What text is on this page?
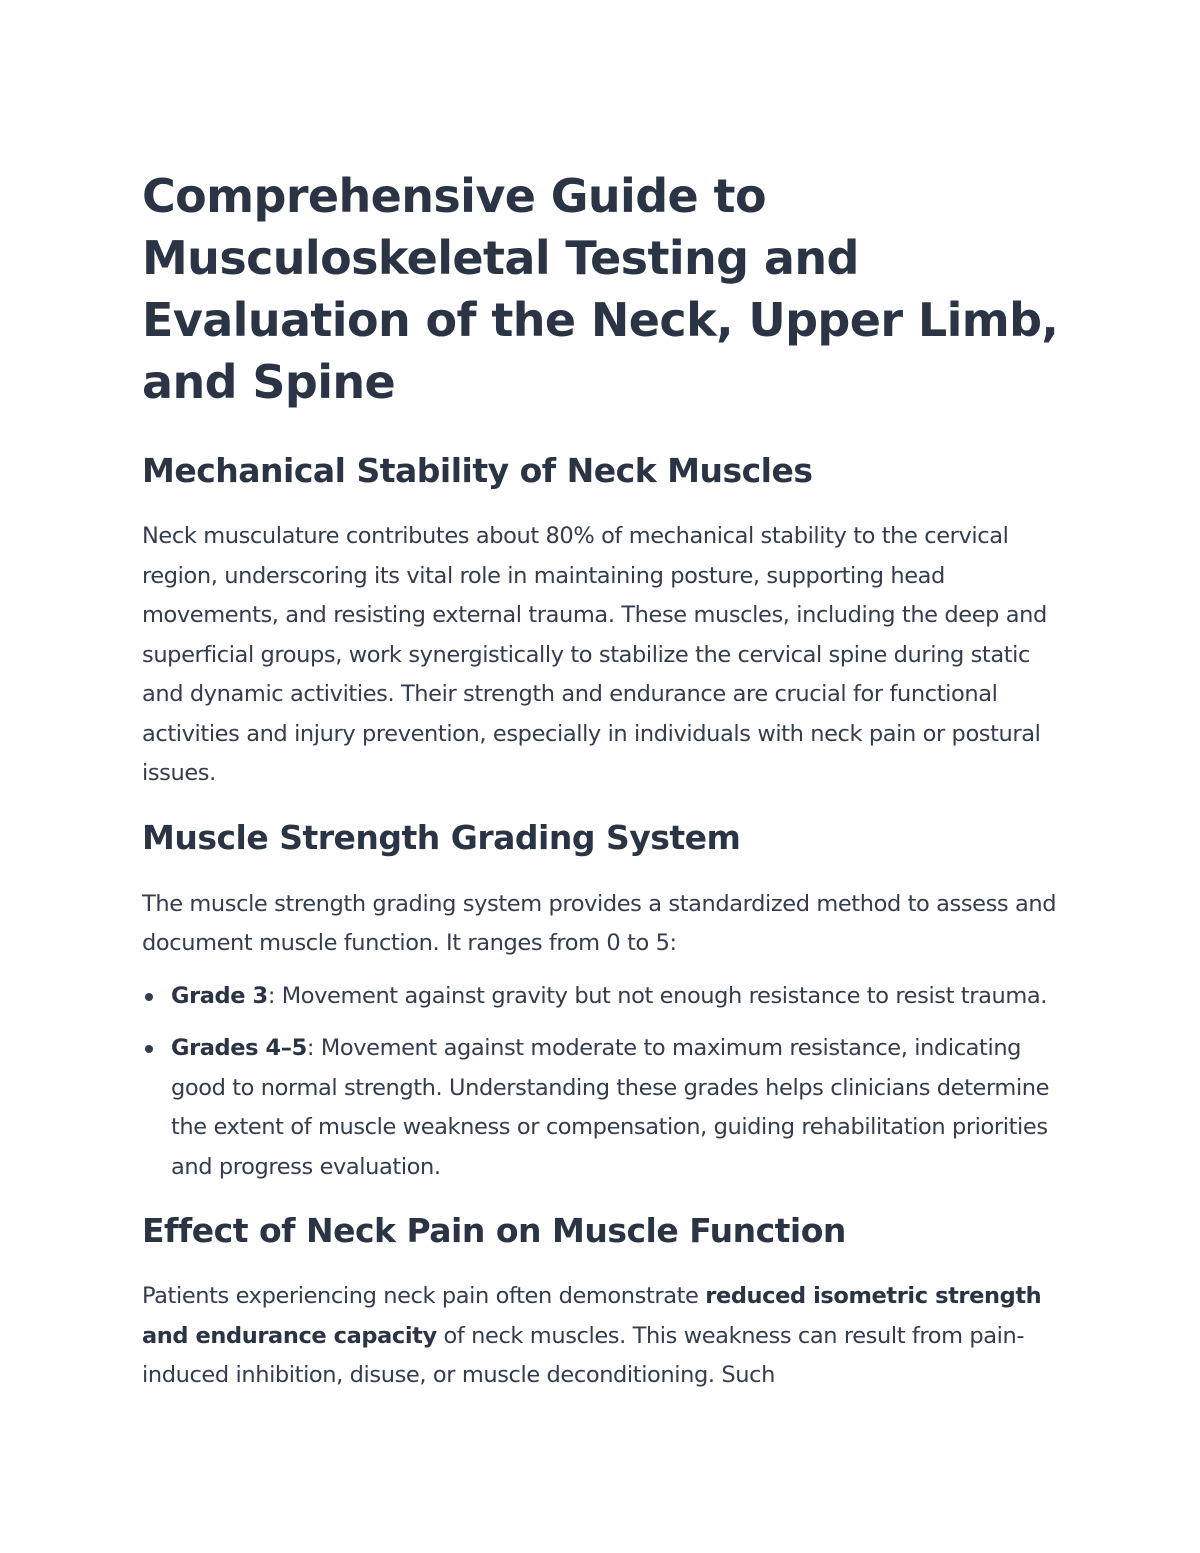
Comprehensive Guide to Musculoskeletal Testing and Evaluation of the Neck, Upper Limb, and Spine
Mechanical Stability of Neck Muscles

Neck musculature contributes about 80% of mechanical stability to the cervical region, underscoring its vital role in maintaining posture, supporting head movements, and resisting external trauma. These muscles, including the deep and superficial groups, work synergistically to stabilize the cervical spine during static and dynamic activities. Their strength and endurance are crucial for functional activities and injury prevention, especially in individuals with neck pain or postural issues.

Muscle Strength Grading System

The muscle strength grading system provides a standardized method to assess and document muscle function. It ranges from 0 to 5:

Grade 3: Movement against gravity but not enough resistance to resist trauma.
Grades 4–5: Movement against moderate to maximum resistance, indicating good to normal strength. Understanding these grades helps clinicians determine the extent of muscle weakness or compensation, guiding rehabilitation priorities and progress evaluation.
Effect of Neck Pain on Muscle Function

Patients experiencing neck pain often demonstrate reduced isometric strength and endurance capacity of neck muscles. This weakness can result from pain-induced inhibition, disuse, or muscle deconditioning. Such
